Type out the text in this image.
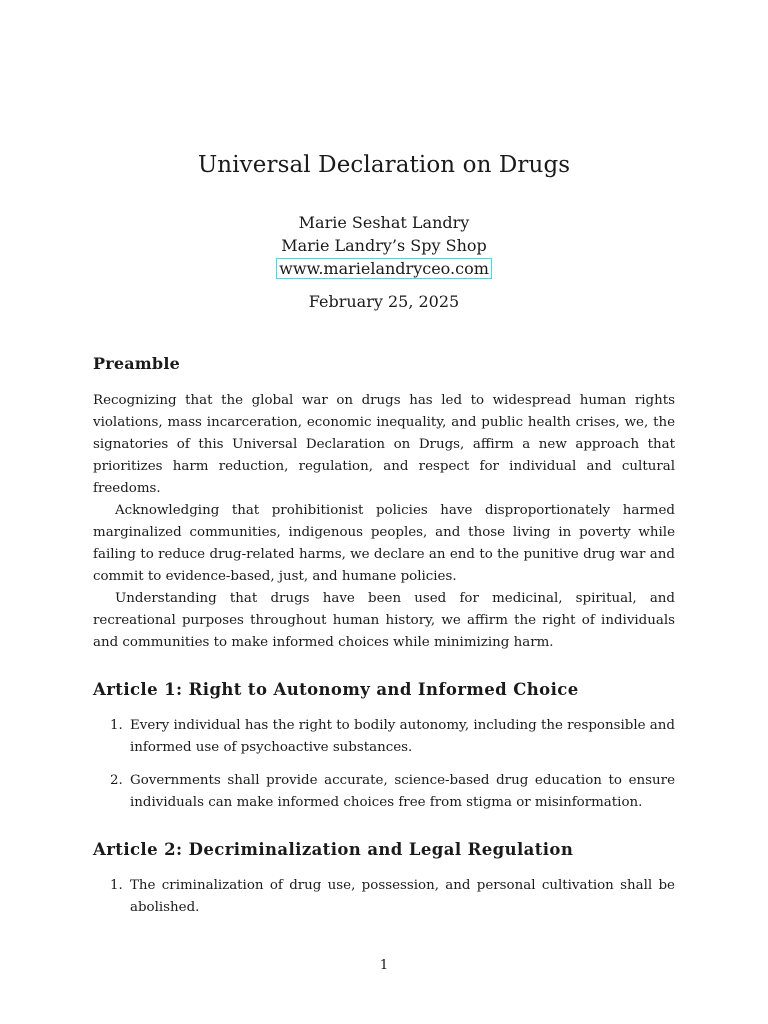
Universal Declaration on Drugs
Marie Seshat Landry
Marie Landry’s Spy Shop
www.marielandryceo.com
February 25, 2025
Preamble

Recognizing that the global war on drugs has led to widespread human rights violations, mass incarceration, economic inequality, and public health crises, we, the signatories of this Universal Declaration on Drugs, affirm a new approach that prioritizes harm reduction, regulation, and respect for individual and cultural freedoms.

Acknowledging that prohibitionist policies have disproportionately harmed marginalized communities, indigenous peoples, and those living in poverty while failing to reduce drug-related harms, we declare an end to the punitive drug war and commit to evidence-based, just, and humane policies.

Understanding that drugs have been used for medicinal, spiritual, and recreational purposes throughout human history, we affirm the right of individuals and communities to make informed choices while minimizing harm.

Article 1: Right to Autonomy and Informed Choice
1. Every individual has the right to bodily autonomy, including the responsible and informed use of psychoactive substances.
2. Governments shall provide accurate, science-based drug education to ensure individuals can make informed choices free from stigma or misinformation.
Article 2: Decriminalization and Legal Regulation
1. The criminalization of drug use, possession, and personal cultivation shall be abolished.
1
